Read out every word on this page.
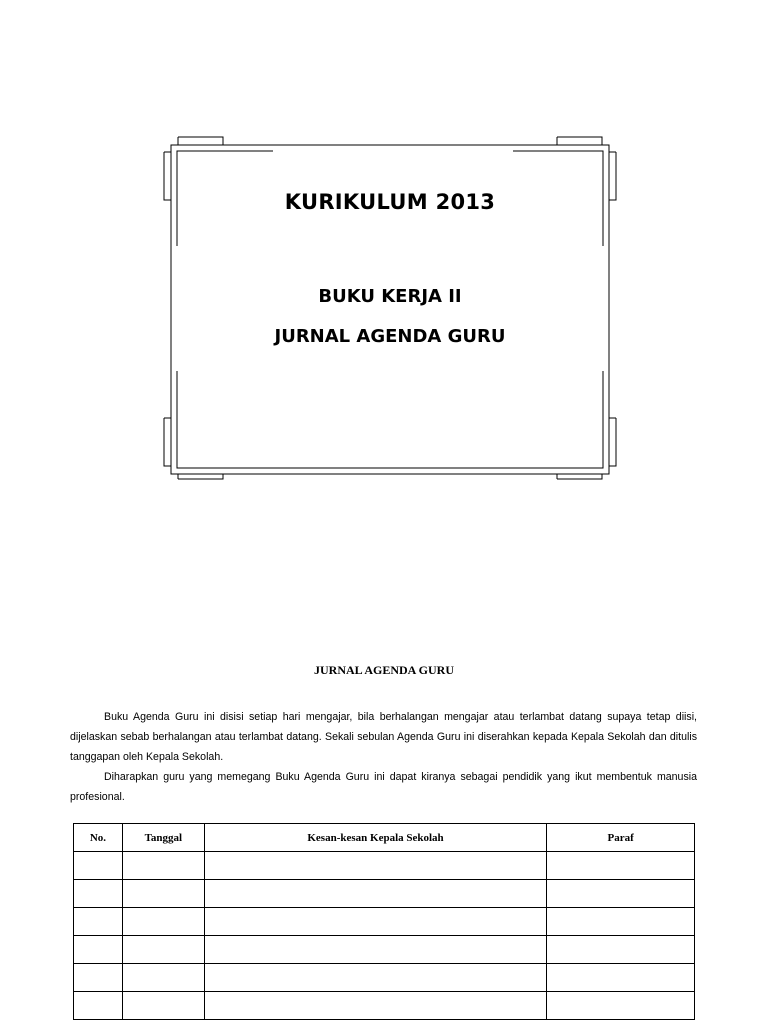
KURIKULUM 2013
BUKU KERJA II
JURNAL AGENDA GURU
JURNAL AGENDA GURU
Buku Agenda Guru ini disisi setiap hari mengajar, bila berhalangan mengajar atau terlambat datang supaya tetap diisi, dijelaskan sebab berhalangan atau terlambat datang. Sekali sebulan Agenda Guru ini diserahkan kepada Kepala Sekolah dan ditulis tanggapan oleh Kepala Sekolah.
Diharapkan guru yang memegang Buku Agenda Guru ini dapat kiranya sebagai pendidik yang ikut membentuk manusia profesional.
No.	Tanggal	Kesan-kesan Kepala Sekolah	Paraf
